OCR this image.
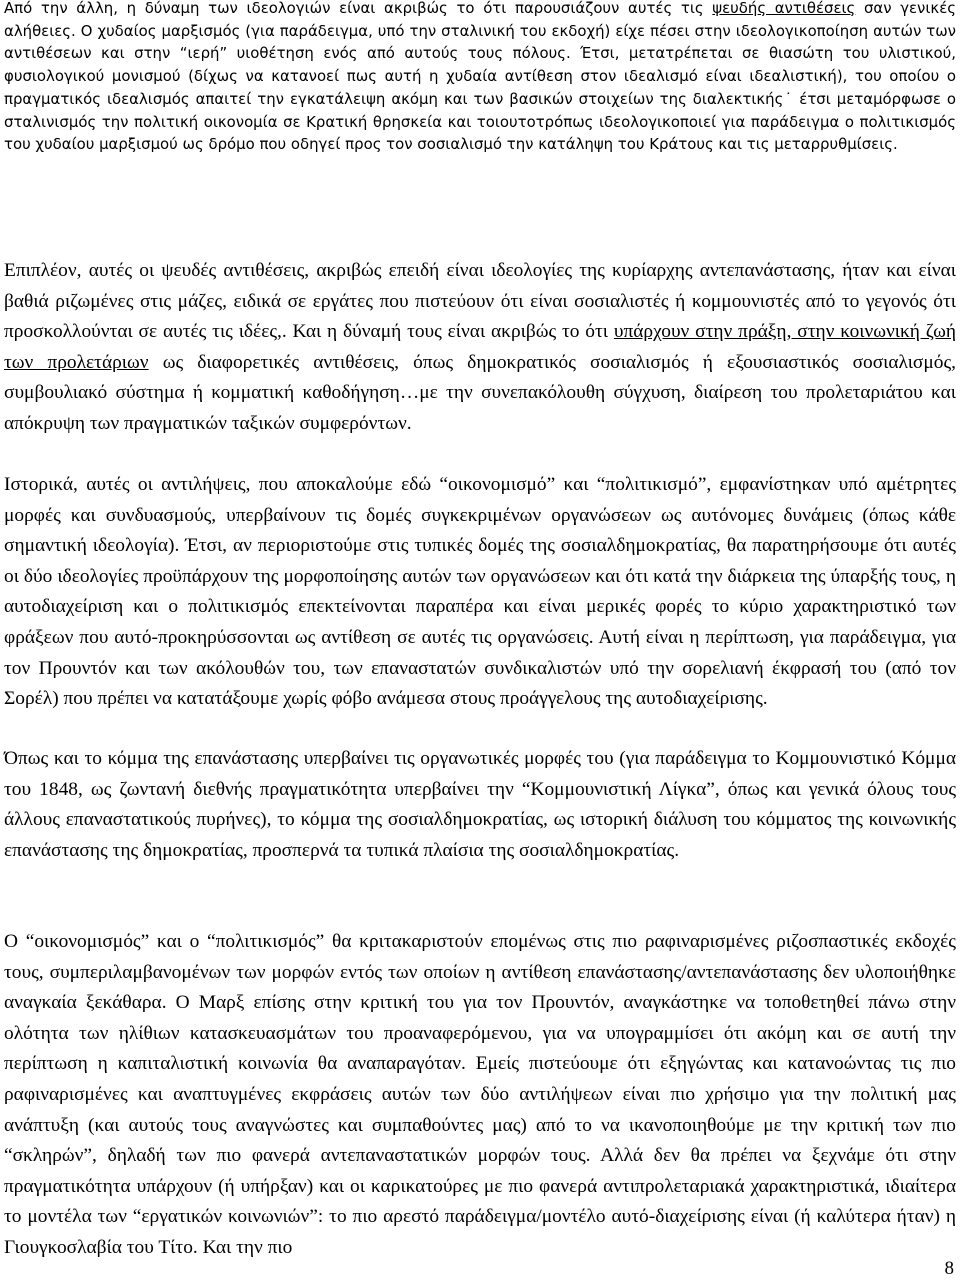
Από την άλλη, η δύναμη των ιδεολογιών είναι ακριβώς το ότι παρουσιάζουν αυτές τις ψευδής αντιθέσεις σαν γενικές αλήθειες. Ο χυδαίος μαρξισμός (για παράδειγμα, υπό την σταλινική του εκδοχή) είχε πέσει στην ιδεολογικοποίηση αυτών των αντιθέσεων και στην “ιερή” υιοθέτηση ενός από αυτούς τους πόλους. Έτσι, μετατρέπεται σε θιασώτη του υλιστικού, φυσιολογικού μονισμού (δίχως να κατανοεί πως αυτή η χυδαία αντίθεση στον ιδεαλισμό είναι ιδεαλιστική), του οποίου ο πραγματικός ιδεαλισμός απαιτεί την εγκατάλειψη ακόμη και των βασικών στοιχείων της διαλεκτικής˙ έτσι μεταμόρφωσε ο σταλινισμός την πολιτική οικονομία σε Κρατική θρησκεία και τοιουτοτρόπως ιδεολογικοποιεί για παράδειγμα ο πολιτικισμός του χυδαίου μαρξισμού ως δρόμο που οδηγεί προς τον σοσιαλισμό την κατάληψη του Κράτους και τις μεταρρυθμίσεις.

Επιπλέον, αυτές οι ψευδές αντιθέσεις, ακριβώς επειδή είναι ιδεολογίες της κυρίαρχης αντεπανάστασης, ήταν και είναι βαθιά ριζωμένες στις μάζες, ειδικά σε εργάτες που πιστεύουν ότι είναι σοσιαλιστές ή κομμουνιστές από το γεγονός ότι προσκολλούνται σε αυτές τις ιδέες,. Και η δύναμή τους είναι ακριβώς το ότι υπάρχουν στην πράξη, στην κοινωνική ζωή των προλετάριων ως διαφορετικές αντιθέσεις, όπως δημοκρατικός σοσιαλισμός ή εξουσιαστικός σοσιαλισμός, συμβουλιακό σύστημα ή κομματική καθοδήγηση…με την συνεπακόλουθη σύγχυση, διαίρεση του προλεταριάτου και απόκρυψη των πραγματικών ταξικών συμφερόντων.

Ιστορικά, αυτές οι αντιλήψεις, που αποκαλούμε εδώ “οικονομισμό” και “πολιτικισμό”, εμφανίστηκαν υπό αμέτρητες μορφές και συνδυασμούς, υπερβαίνουν τις δομές συγκεκριμένων οργανώσεων ως αυτόνομες δυνάμεις (όπως κάθε σημαντική ιδεολογία). Έτσι, αν περιοριστούμε στις τυπικές δομές της σοσιαλδημοκρατίας, θα παρατηρήσουμε ότι αυτές οι δύο ιδεολογίες προϋπάρχουν της μορφοποίησης αυτών των οργανώσεων και ότι κατά την διάρκεια της ύπαρξής τους, η αυτοδιαχείριση και ο πολιτικισμός επεκτείνονται παραπέρα και είναι μερικές φορές το κύριο χαρακτηριστικό των φράξεων που αυτό-προκηρύσσονται ως αντίθεση σε αυτές τις οργανώσεις. Αυτή είναι η περίπτωση, για παράδειγμα, για τον Προυντόν και των ακόλουθών του, των επαναστατών συνδικαλιστών υπό την σορελιανή έκφρασή του (από τον Σορέλ) που πρέπει να κατατάξουμε χωρίς φόβο ανάμεσα στους προάγγελους της αυτοδιαχείρισης.

Όπως και το κόμμα της επανάστασης υπερβαίνει τις οργανωτικές μορφές του (για παράδειγμα το Κομμουνιστικό Κόμμα του 1848, ως ζωντανή διεθνής πραγματικότητα υπερβαίνει την “Κομμουνιστική Λίγκα”, όπως και γενικά όλους τους άλλους επαναστατικούς πυρήνες), το κόμμα της σοσιαλδημοκρατίας, ως ιστορική διάλυση του κόμματος της κοινωνικής επανάστασης της δημοκρατίας, προσπερνά τα τυπικά πλαίσια της σοσιαλδημοκρατίας.

Ο “οικονομισμός” και ο “πολιτικισμός” θα κριτακαριστούν επομένως στις πιο ραφιναρισμένες ριζοσπαστικές εκδοχές τους, συμπεριλαμβανομένων των μορφών εντός των οποίων η αντίθεση επανάστασης/αντεπανάστασης δεν υλοποιήθηκε αναγκαία ξεκάθαρα. Ο Μαρξ επίσης στην κριτική του για τον Προυντόν, αναγκάστηκε να τοποθετηθεί πάνω στην ολότητα των ηλίθιων κατασκευασμάτων του προαναφερόμενου, για να υπογραμμίσει ότι ακόμη και σε αυτή την περίπτωση η καπιταλιστική κοινωνία θα αναπαραγόταν. Εμείς πιστεύουμε ότι εξηγώντας και κατανοώντας τις πιο ραφιναρισμένες και αναπτυγμένες εκφράσεις αυτών των δύο αντιλήψεων είναι πιο χρήσιμο για την πολιτική μας ανάπτυξη (και αυτούς τους αναγνώστες και συμπαθούντες μας) από το να ικανοποιηθούμε με την κριτική των πιο “σκληρών”, δηλαδή των πιο φανερά αντεπαναστατικών μορφών τους. Αλλά δεν θα πρέπει να ξεχνάμε ότι στην πραγματικότητα υπάρχουν (ή υπήρξαν) και οι καρικατούρες με πιο φανερά αντιπρολεταριακά χαρακτηριστικά, ιδιαίτερα το μοντέλα των “εργατικών κοινωνιών”: το πιο αρεστό παράδειγμα/μοντέλο αυτό-διαχείρισης είναι (ή καλύτερα ήταν) η Γιουγκοσλαβία του Τίτο. Και την πιο

8
